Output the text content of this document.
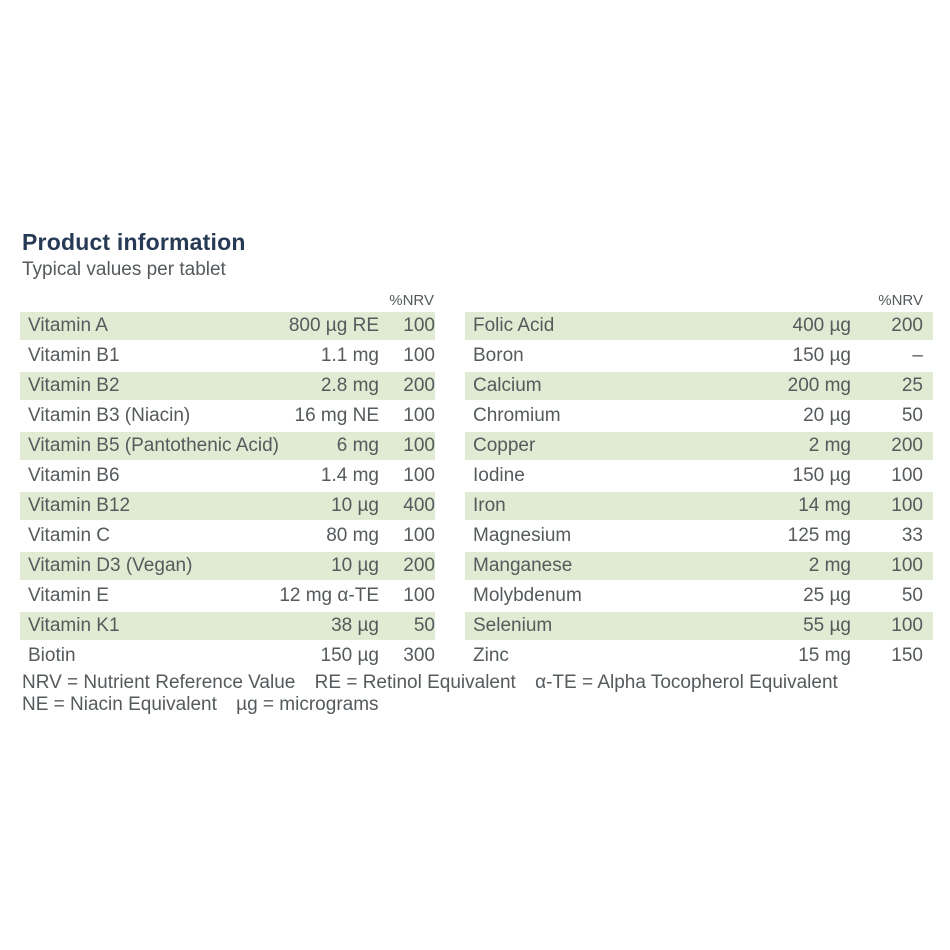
Product information

Typical values per tablet

%NRV
Vitamin A	800 µg RE	100
Vitamin B1	1.1 mg	100
Vitamin B2	2.8 mg	200
Vitamin B3 (Niacin)	16 mg NE	100
Vitamin B5 (Pantothenic Acid)	6 mg	100
Vitamin B6	1.4 mg	100
Vitamin B12	10 µg	400
Vitamin C	80 mg	100
Vitamin D3 (Vegan)	10 µg	200
Vitamin E	12 mg α-TE	100
Vitamin K1	38 µg	50
Biotin	150 µg	300
%NRV
Folic Acid	400 µg	200
Boron	150 µg	–
Calcium	200 mg	25
Chromium	20 µg	50
Copper	2 mg	200
Iodine	150 µg	100
Iron	14 mg	100
Magnesium	125 mg	33
Manganese	2 mg	100
Molybdenum	25 µg	50
Selenium	55 µg	100
Zinc	15 mg	150
NRV = Nutrient Reference Value RE = Retinol Equivalent α-TE = Alpha Tocopherol Equivalent
NE = Niacin Equivalent µg = micrograms
